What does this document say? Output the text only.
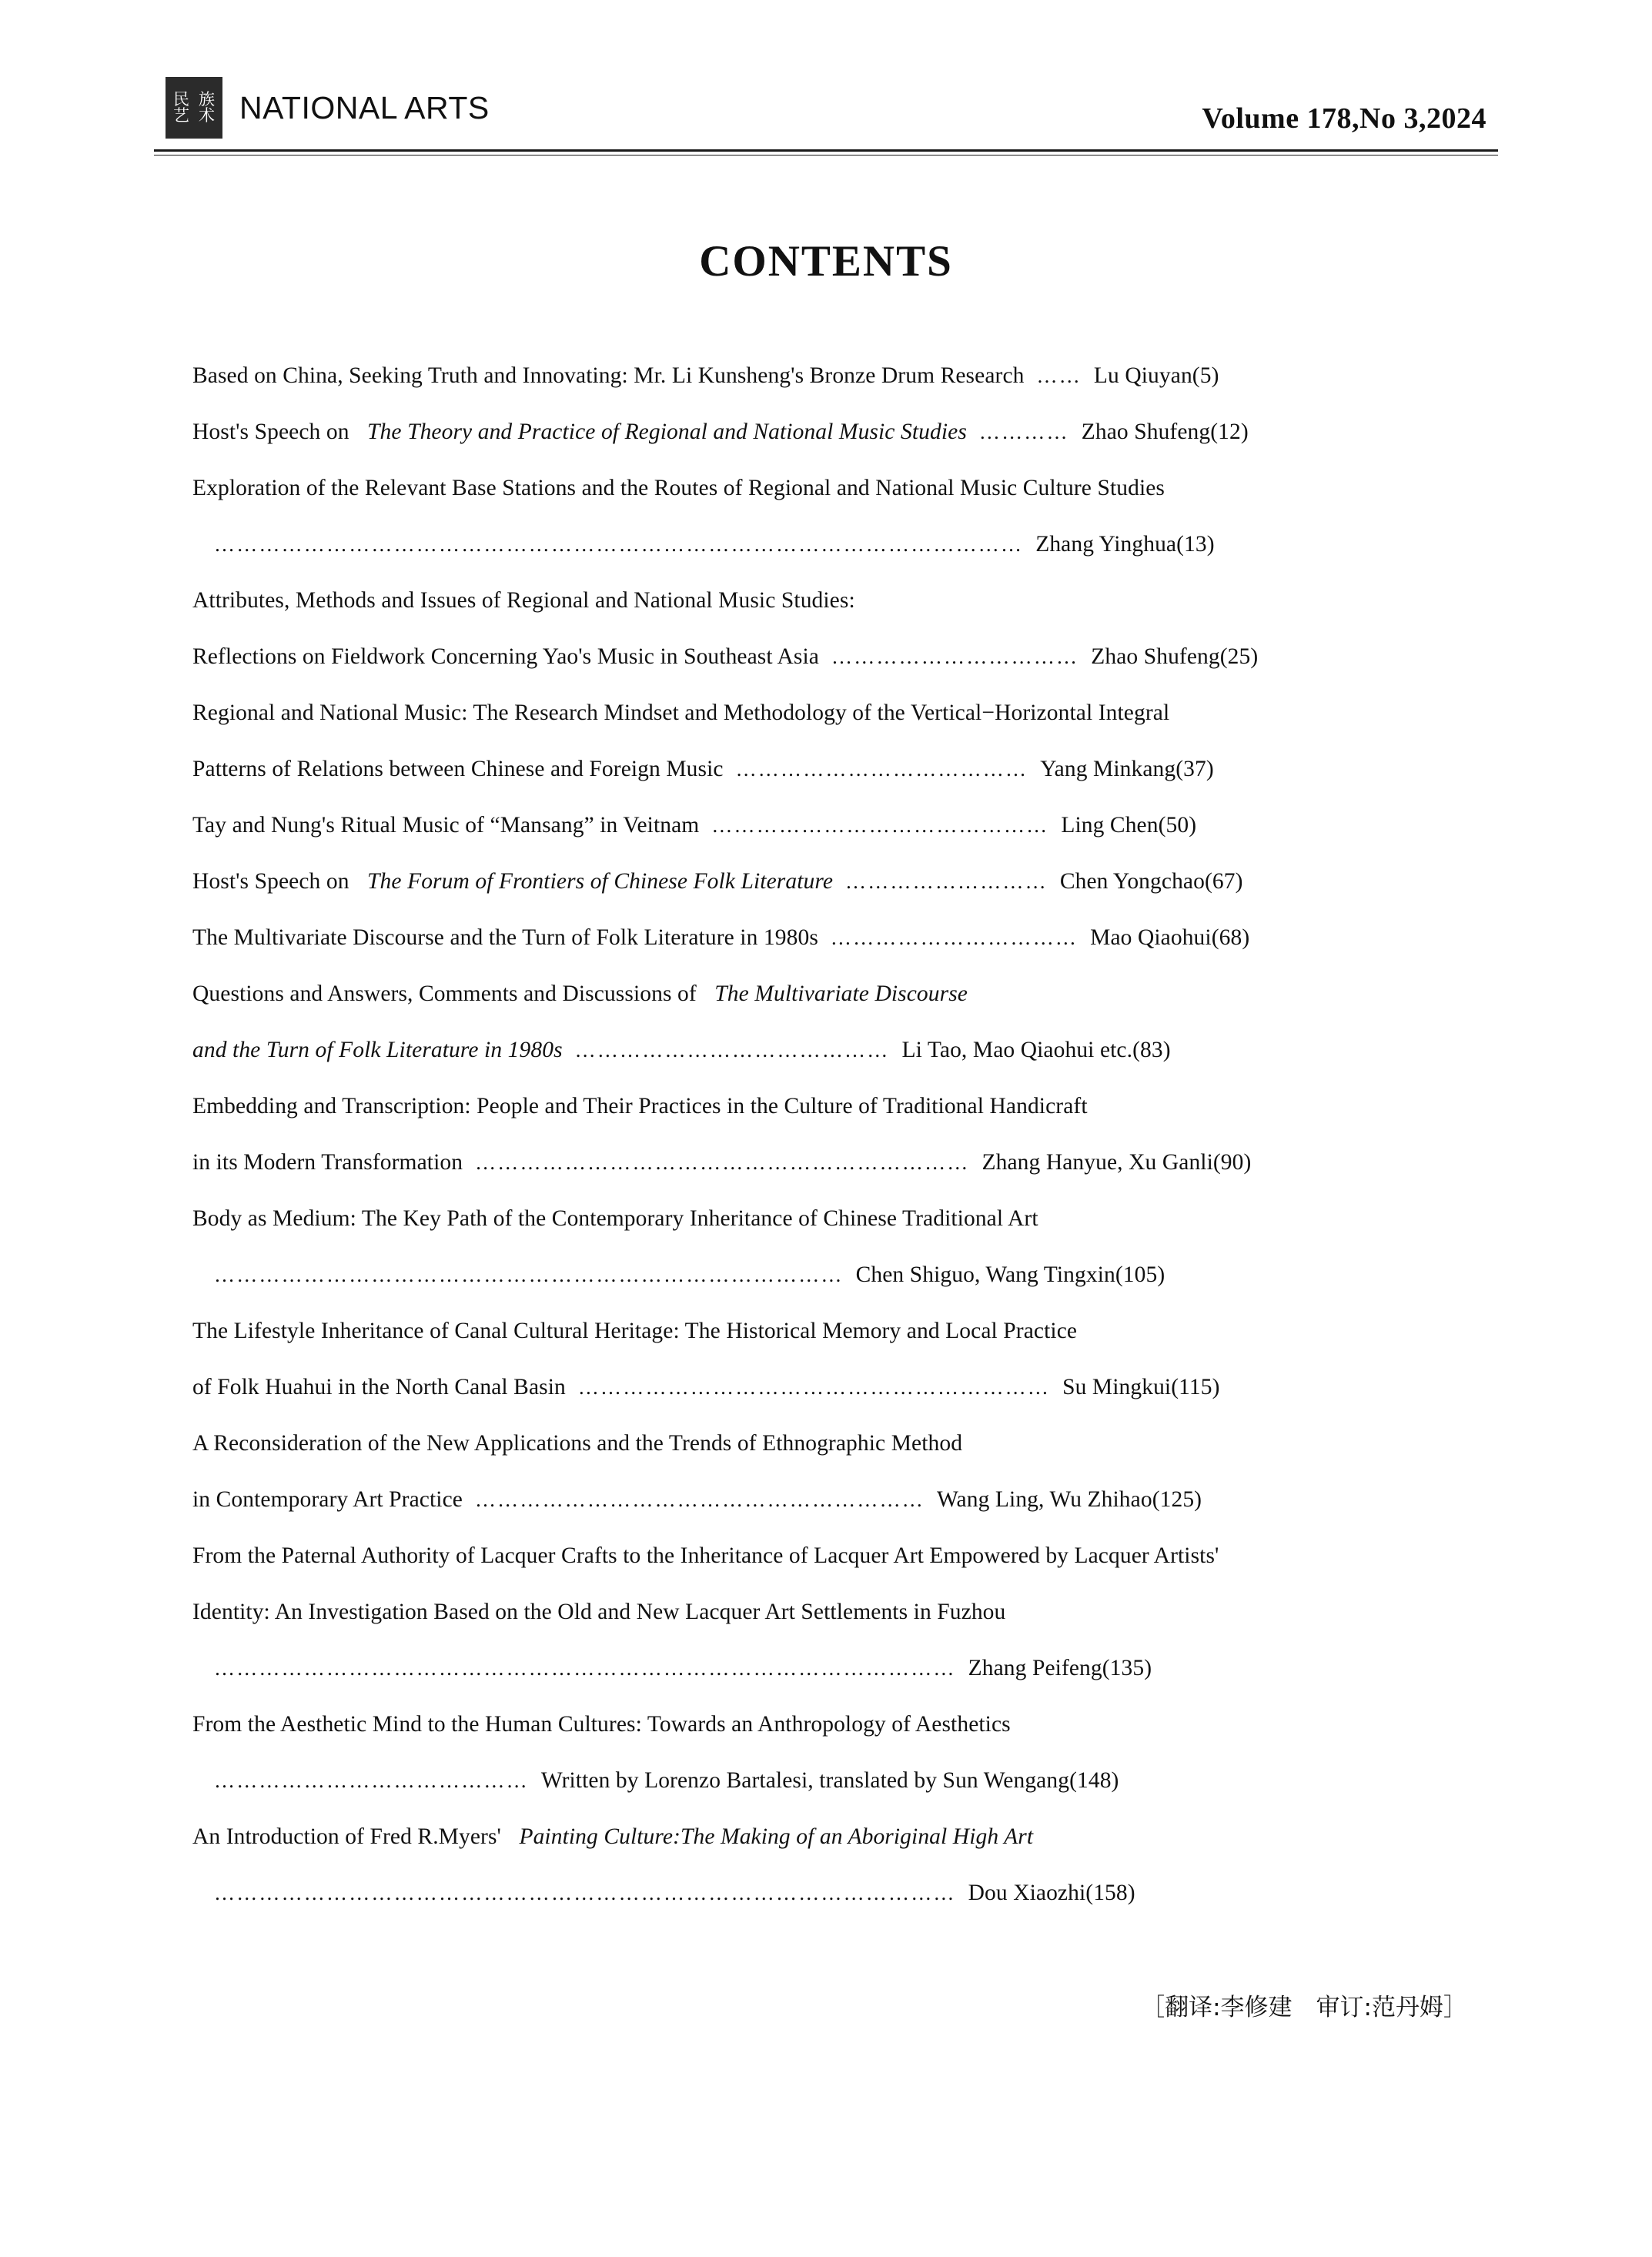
民 族
艺 术 NATIONAL ARTS	Volume 178,No 3,2024
CONTENTS
Based on China, Seeking Truth and Innovating: Mr. Li Kunsheng's Bronze Drum Research …… Lu Qiuyan(5)
Host's Speech on The Theory and Practice of Regional and National Music Studies ………… Zhao Shufeng(12)
Exploration of the Relevant Base Stations and the Routes of Regional and National Music Culture Studies
……………………………………………………………………………………………… Zhang Yinghua(13)
Attributes, Methods and Issues of Regional and National Music Studies:
Reflections on Fieldwork Concerning Yao's Music in Southeast Asia …………………………… Zhao Shufeng(25)
Regional and National Music: The Research Mindset and Methodology of the Vertical−Horizontal Integral
Patterns of Relations between Chinese and Foreign Music ………………………………… Yang Minkang(37)
Tay and Nung's Ritual Music of “Mansang” in Veitnam ……………………………………… Ling Chen(50)
Host's Speech on The Forum of Frontiers of Chinese Folk Literature ……………………… Chen Yongchao(67)
The Multivariate Discourse and the Turn of Folk Literature in 1980s …………………………… Mao Qiaohui(68)
Questions and Answers, Comments and Discussions of The Multivariate Discourse
and the Turn of Folk Literature in 1980s …………………………………… Li Tao, Mao Qiaohui etc.(83)
Embedding and Transcription: People and Their Practices in the Culture of Traditional Handicraft
in its Modern Transformation ………………………………………………………… Zhang Hanyue, Xu Ganli(90)
Body as Medium: The Key Path of the Contemporary Inheritance of Chinese Traditional Art
………………………………………………………………………… Chen Shiguo, Wang Tingxin(105)
The Lifestyle Inheritance of Canal Cultural Heritage: The Historical Memory and Local Practice
of Folk Huahui in the North Canal Basin ……………………………………………………… Su Mingkui(115)
A Reconsideration of the New Applications and the Trends of Ethnographic Method
in Contemporary Art Practice …………………………………………………… Wang Ling, Wu Zhihao(125)
From the Paternal Authority of Lacquer Crafts to the Inheritance of Lacquer Art Empowered by Lacquer Artists'
Identity: An Investigation Based on the Old and New Lacquer Art Settlements in Fuzhou
……………………………………………………………………………………… Zhang Peifeng(135)
From the Aesthetic Mind to the Human Cultures: Towards an Anthropology of Aesthetics
…………………………………… Written by Lorenzo Bartalesi, translated by Sun Wengang(148)
An Introduction of Fred R.Myers' Painting Culture:The Making of an Aboriginal High Art
……………………………………………………………………………………… Dou Xiaozhi(158)
［翻译:李修建　审订:范丹姆］
